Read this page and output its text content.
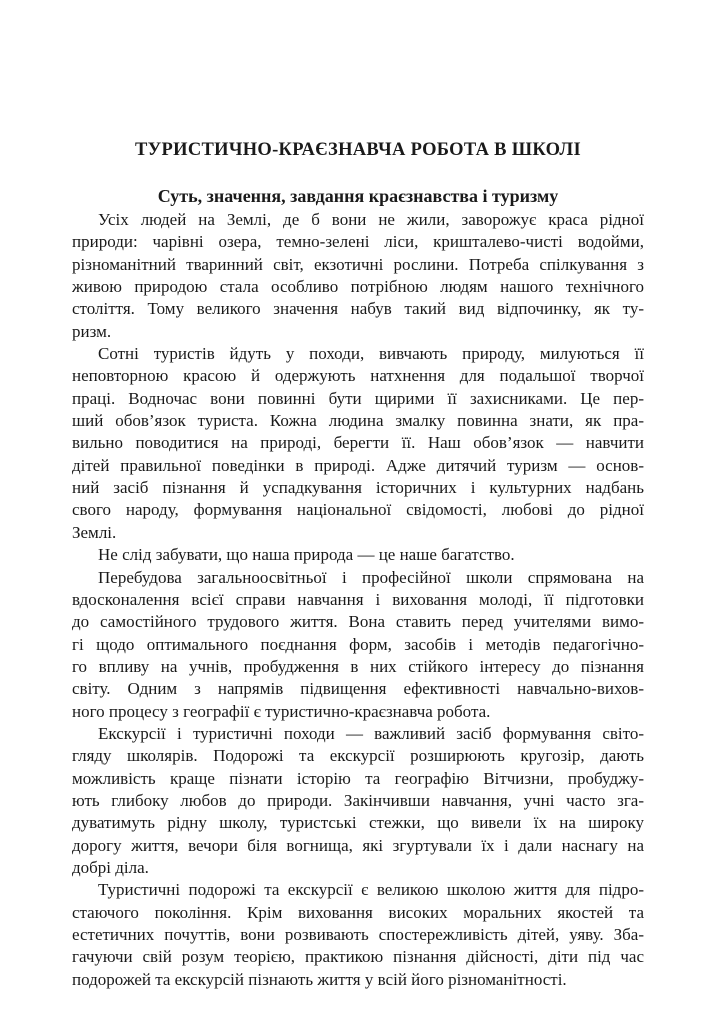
ТУРИСТИЧНО-КРАЄЗНАВЧА РОБОТА В ШКОЛІ
Суть, значення, завдання краєзнавства і туризму

Усіх людей на Землі, де б вони не жили, заворожує краса рідної
природи: чарівні озера, темно-зелені ліси, кришталево-чисті водойми,
різноманітний тваринний світ, екзотичні рослини. Потреба спілкування з
живою природою стала особливо потрібною людям нашого технічного
століття. Тому великого значення набув такий вид відпочинку, як ту-
ризм.

Сотні туристів йдуть у походи, вивчають природу, милуються її
неповторною красою й одержують натхнення для подальшої творчої
праці. Водночас вони повинні бути щирими її захисниками. Це пер-
ший обов’язок туриста. Кожна людина змалку повинна знати, як пра-
вильно поводитися на природі, берегти її. Наш обов’язок — навчити
дітей правильної поведінки в природі. Адже дитячий туризм — основ-
ний засіб пізнання й успадкування історичних і культурних надбань
свого народу, формування національної свідомості, любові до рідної
Землі.

Не слід забувати, що наша природа — це наше багатство.

Перебудова загальноосвітньої і професійної школи спрямована на
вдосконалення всієї справи навчання і виховання молоді, її підготовки
до самостійного трудового життя. Вона ставить перед учителями вимо-
гі щодо оптимального поєднання форм, засобів і методів педагогічно-
го впливу на учнів, пробудження в них стійкого інтересу до пізнання
світу. Одним з напрямів підвищення ефективності навчально-вихов-
ного процесу з географії є туристично-краєзнавча робота.

Екскурсії і туристичні походи — важливий засіб формування світо-
гляду школярів. Подорожі та екскурсії розширюють кругозір, дають
можливість краще пізнати історію та географію Вітчизни, пробуджу-
ють глибоку любов до природи. Закінчивши навчання, учні часто зга-
дуватимуть рідну школу, туристські стежки, що вивели їх на широку
дорогу життя, вечори біля вогнища, які згуртували їх і дали наснагу на
добрі діла.

Туристичні подорожі та екскурсії є великою школою життя для підро-
стаючого покоління. Крім виховання високих моральних якостей та
естетичних почуттів, вони розвивають спостережливість дітей, уяву. Зба-
гачуючи свій розум теорією, практикою пізнання дійсності, діти під час
подорожей та екскурсій пізнають життя у всій його різноманітності.
